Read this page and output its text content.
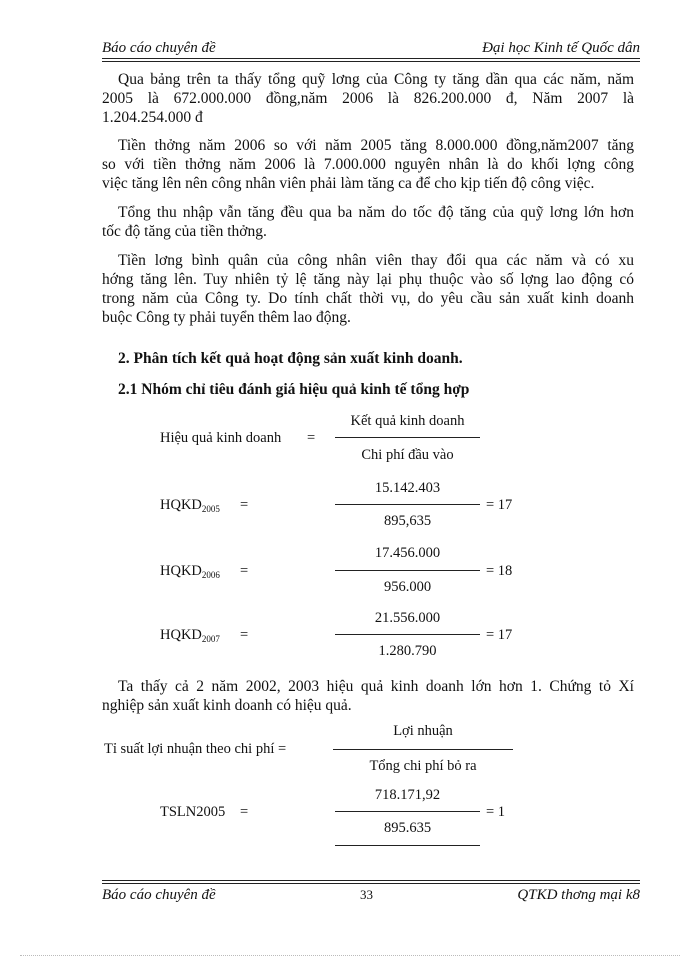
Báo cáo chuyên đề	Đại học Kinh tế Quốc dân
Qua bảng trên ta thấy tổng quỹ lơng của Công ty tăng dần qua các năm, năm
2005 là 672.000.000 đồng,năm 2006 là 826.200.000 đ, Năm 2007 là
1.204.254.000 đ
Tiền thởng năm 2006 so với năm 2005 tăng 8.000.000 đồng,năm2007 tăng
so với tiền thởng năm 2006 là 7.000.000 nguyên nhân là do khối lợng công
việc tăng lên nên công nhân viên phải làm tăng ca để cho kịp tiến độ công việc.
Tổng thu nhập vẫn tăng đều qua ba năm do tốc độ tăng của quỹ lơng lớn hơn
tốc độ tăng của tiền thởng.
Tiền lơng bình quân của công nhân viên thay đổi qua các năm và có xu
hớng tăng lên. Tuy nhiên tỷ lệ tăng này lại phụ thuộc vào số lợng lao động có
trong năm của Công ty. Do tính chất thời vụ, do yêu cầu sản xuất kinh doanh
buộc Công ty phải tuyển thêm lao động.
2. Phân tích kết quả hoạt động sản xuất kinh doanh.
2.1 Nhóm chỉ tiêu đánh giá hiệu quả kinh tế tổng hợp
Hiệu quả kinh doanh =
Kết quả kinh doanh
Chi phí đầu vào
$HQKD_{2005}$ =
15.142.403
895,635
= 17
$HQKD_{2006}$ =
17.456.000
956.000
= 18
$HQKD_{2007}$ =
21.556.000
1.280.790
= 17
Ta thấy cả 2 năm 2002, 2003 hiệu quả kinh doanh lớn hơn 1. Chứng tỏ Xí
nghiệp sản xuất kinh doanh có hiệu quả.
Tỉ suất lợi nhuận theo chi phí =
Lợi nhuận
Tổng chi phí bỏ ra
TSLN2005 =
718.171,92
895.635
= 1
Báo cáo chuyên đề	33	QTKD thơng mại k8
